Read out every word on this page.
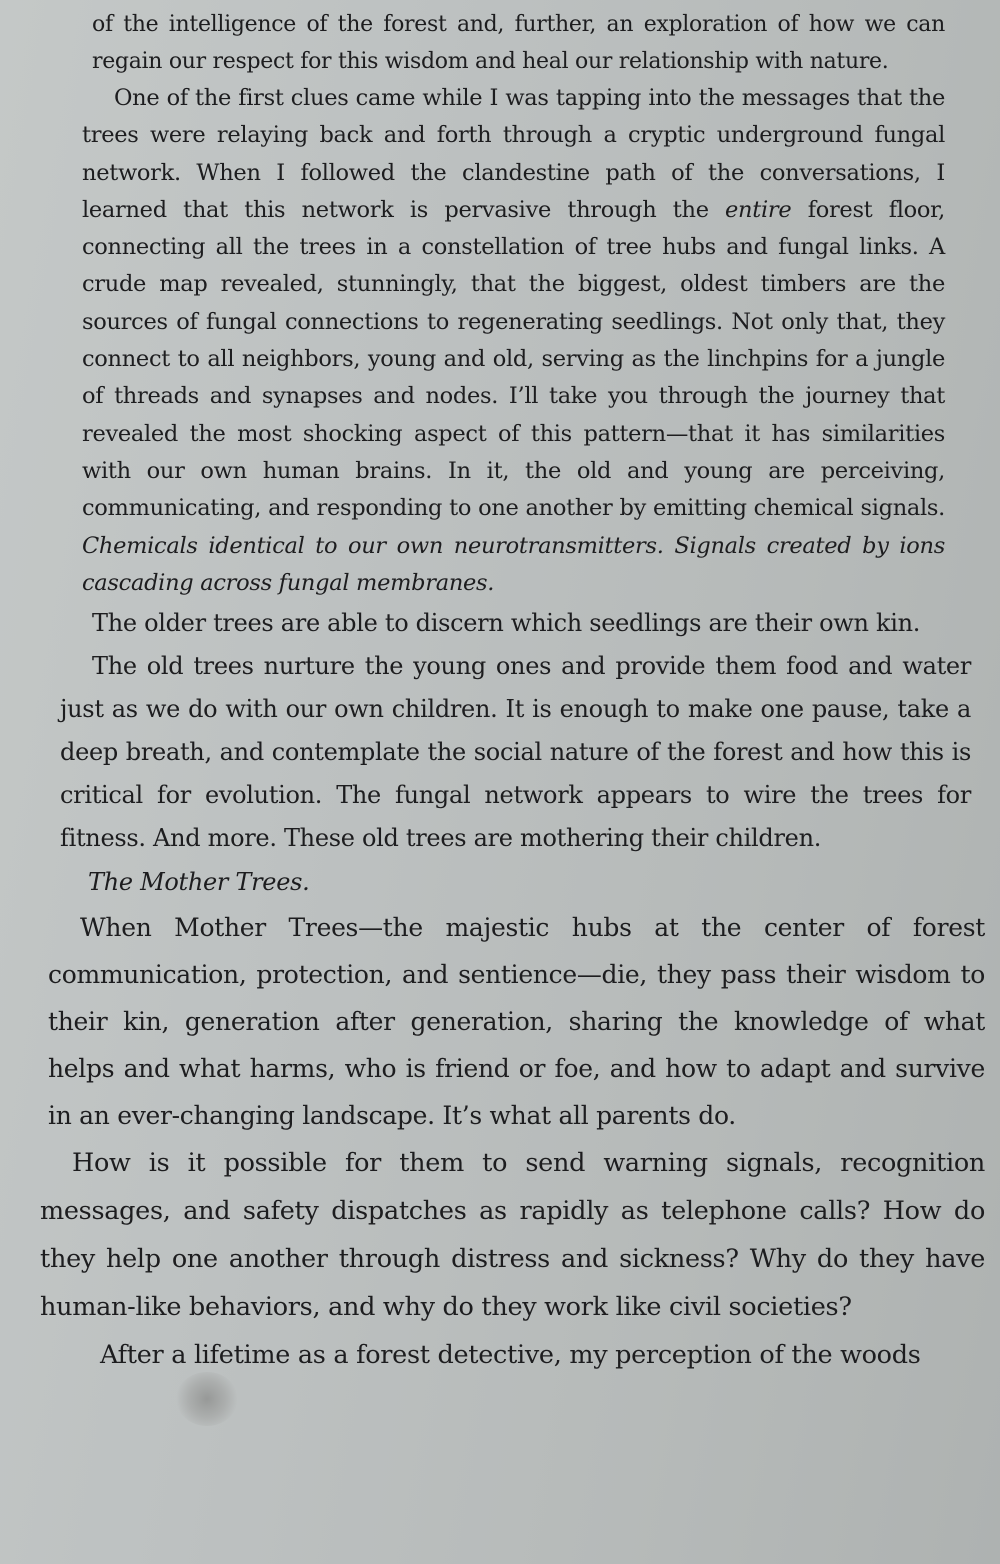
of the intelligence of the forest and, further, an exploration of how we can regain our respect for this wisdom and heal our relationship with nature.

One of the first clues came while I was tapping into the messages that the trees were relaying back and forth through a cryptic underground fungal network. When I followed the clandestine path of the conversations, I learned that this network is pervasive through the entire forest floor, connecting all the trees in a constellation of tree hubs and fungal links. A crude map revealed, stunningly, that the biggest, oldest timbers are the sources of fungal connections to regenerating seedlings. Not only that, they connect to all neighbors, young and old, serving as the linchpins for a jungle of threads and synapses and nodes. I’ll take you through the journey that revealed the most shocking aspect of this pattern—that it has similarities with our own human brains. In it, the old and young are perceiving, communicating, and responding to one another by emitting chemical signals. Chemicals identical to our own neurotransmitters. Signals created by ions cascading across fungal membranes.

The older trees are able to discern which seedlings are their own kin.

The old trees nurture the young ones and provide them food and water just as we do with our own children. It is enough to make one pause, take a deep breath, and contemplate the social nature of the forest and how this is critical for evolution. The fungal network appears to wire the trees for fitness. And more. These old trees are mothering their children.

The Mother Trees.

When Mother Trees—the majestic hubs at the center of forest communication, protection, and sentience—die, they pass their wisdom to their kin, generation after generation, sharing the knowledge of what helps and what harms, who is friend or foe, and how to adapt and survive in an ever-changing landscape. It’s what all parents do.

How is it possible for them to send warning signals, recognition messages, and safety dispatches as rapidly as telephone calls? How do they help one another through distress and sickness? Why do they have human-like behaviors, and why do they work like civil societies?

After a lifetime as a forest detective, my perception of the woods
